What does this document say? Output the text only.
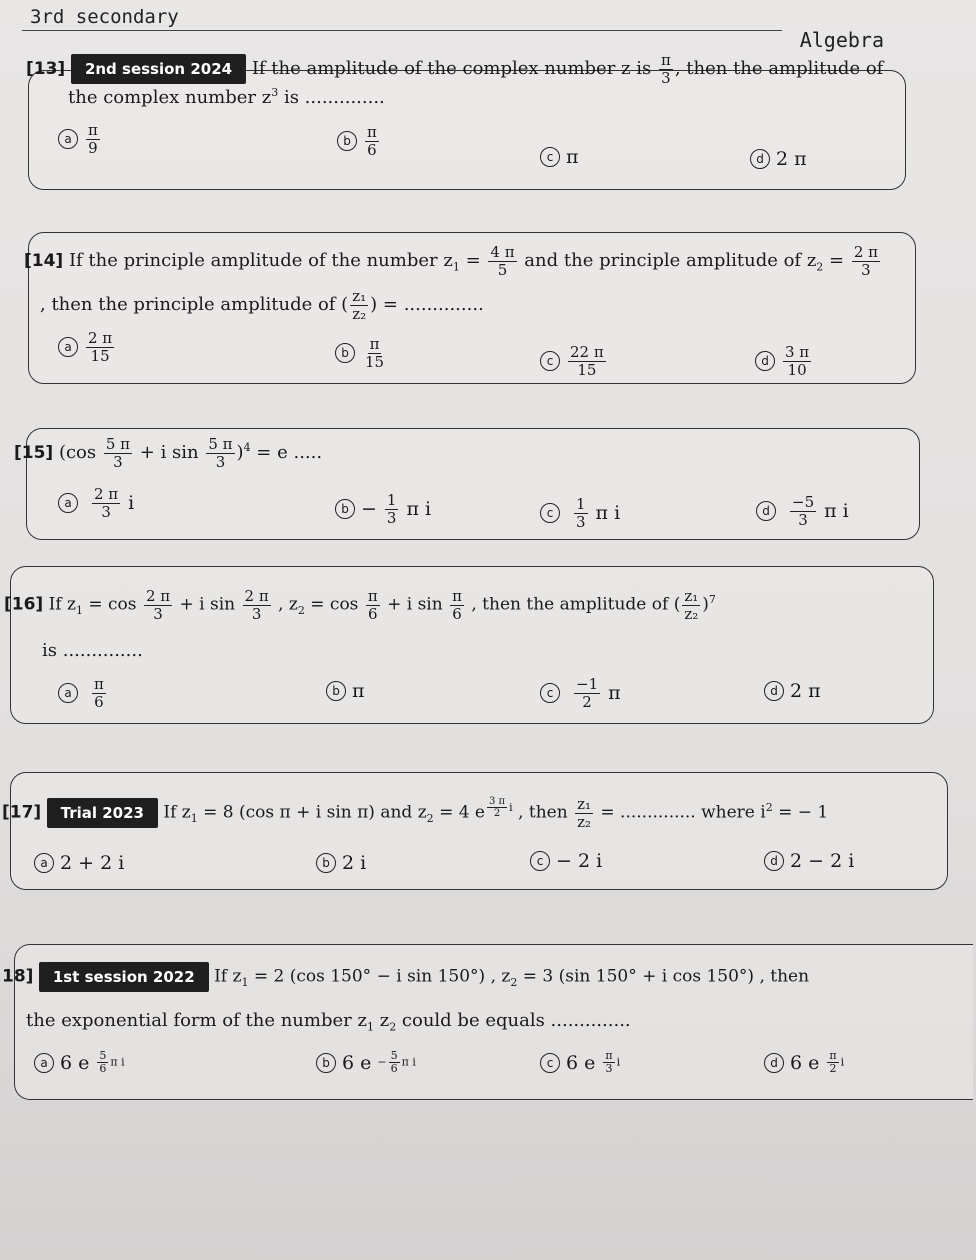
3rd secondary
Algebra
[13] 2nd session 2024 If the amplitude of the complex number z is $\frac{\pi}{3}$ , then the amplitude of
the complex number $z^3$ is ..............
a $\frac{\pi}{9}$	b $\frac{\pi}{6}$	c π	d 2 π
[14] If the principle amplitude of the number $z_1 = \frac{4 \pi}{5}$ and the principle amplitude of $z_2 = \frac{2 \pi}{3}$
, then the principle amplitude of ( $\frac{\text{z₁}}{\text{z₂}}$ ) = ..............
a $\frac{2 \pi}{15}$	b $\frac{\pi}{15}$	c $\frac{22 \pi}{15}$	d $\frac{3 \pi}{10}$
[15] ($\cos \frac{5 \pi}{3} + i$ $\sin \frac{5 \pi}{3} )^4 = e$ .....
a	$\frac{2 \pi}{3}$ i	$b - \frac{1}{3}$ π i	c	$\frac{1}{3}$ π i	d	$\frac{-5}{3}$ π i
[16] If $z_1 = \cos \frac{2 \pi}{3} + i$ $\sin \frac{2 \pi}{3}$ , $z_2 = \cos \frac{\pi}{6} + i$ $\sin \frac{\pi}{6}$ , then the amplitude of ( $\frac{\text{z₁}}{\text{z₂}} )^7$
is ..............
a	$\frac{\pi}{6}$	b π	c	$\frac{-1}{2}$ π	d 2 π
[17] Trial 2023 If $z_1 = 8$ (cos π + i sin π) and $z_2 = 4$ e $^{\frac{3 \pi}{2} i}$ , then $\frac{\text{z₁}}{\text{z₂}}$ = .............. where $i^2$ = − 1
a 2 + 2 i	b 2 i	c − 2 i	d 2 − 2 i
18] 1st session 2022 If $z_1 = 2$ (cos 150° − i sin 150°) , $z_2 = 3$ (sin 150° + i cos 150°) , then
the exponential form of the number $z_1$ $z_2$ could be equals ..............
a 6 e $\frac{5}{6}$ π i	b 6 $e - \frac{5}{6}$ π i	c 6 e $\frac{\pi}{3}$ i	d 6 e $\frac{\pi}{2}$ i
